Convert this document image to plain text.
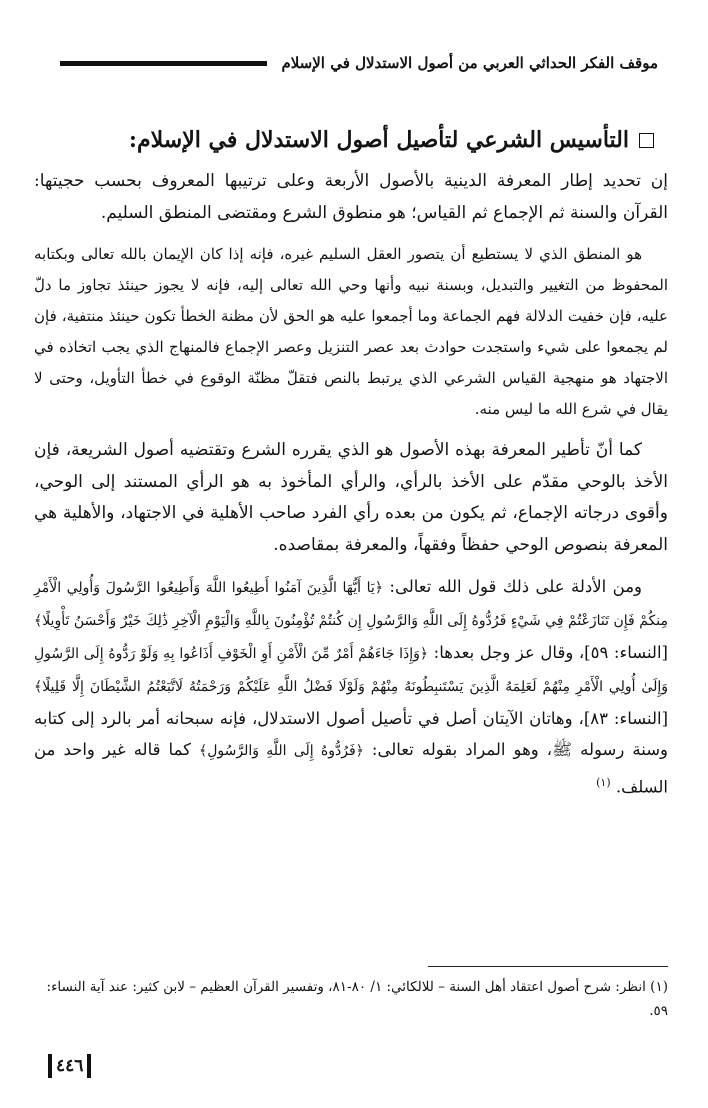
موقف الفكر الحداثي العربي من أصول الاستدلال في الإسلام
التأسيس الشرعي لتأصيل أصول الاستدلال في الإسلام:

إن تحديد إطار المعرفة الدينية بالأصول الأربعة وعلى ترتيبها المعروف بحسب حجيتها: القرآن والسنة ثم الإجماع ثم القياس؛ هو منطوق الشرع ومقتضى المنطق السليم.

هو المنطق الذي لا يستطيع أن يتصور العقل السليم غيره، فإنه إذا كان الإيمان بالله تعالى وبكتابه المحفوظ من التغيير والتبديل، وبسنة نبيه وأنها وحي الله تعالى إليه، فإنه لا يجوز حينئذ تجاوز ما دلّ عليه، فإن خفيت الدلالة فهم الجماعة وما أجمعوا عليه هو الحق لأن مظنة الخطأ تكون حينئذ منتفية، فإن لم يجمعوا على شيء واستجدت حوادث بعد عصر التنزيل وعصر الإجماع فالمنهاج الذي يجب اتخاذه في الاجتهاد هو منهجية القياس الشرعي الذي يرتبط بالنص فتقلّ مظنّة الوقوع في خطأ التأويل، وحتى لا يقال في شرع الله ما ليس منه.

كما أنّ تأطير المعرفة بهذه الأصول هو الذي يقرره الشرع وتقتضيه أصول الشريعة، فإن الأخذ بالوحي مقدّم على الأخذ بالرأي، والرأي المأخوذ به هو الرأي المستند إلى الوحي، وأقوى درجاته الإجماع، ثم يكون من بعده رأي الفرد صاحب الأهلية في الاجتهاد، والأهلية هي المعرفة بنصوص الوحي حفظاً وفقهاً، والمعرفة بمقاصده.

ومن الأدلة على ذلك قول الله تعالى: ﴿يَا أَيُّهَا الَّذِينَ آمَنُوا أَطِيعُوا اللَّهَ وَأَطِيعُوا الرَّسُولَ وَأُولِي الْأَمْرِ مِنكُمْ فَإِن تَنَازَعْتُمْ فِي شَيْءٍ فَرُدُّوهُ إِلَى اللَّهِ وَالرَّسُولِ إِن كُنتُمْ تُؤْمِنُونَ بِاللَّهِ وَالْيَوْمِ الْآخِرِ ذَٰلِكَ خَيْرٌ وَأَحْسَنُ تَأْوِيلًا﴾ [النساء: ٥٩]، وقال عز وجل بعدها: ﴿وَإِذَا جَاءَهُمْ أَمْرٌ مِّنَ الْأَمْنِ أَوِ الْخَوْفِ أَذَاعُوا بِهِ وَلَوْ رَدُّوهُ إِلَى الرَّسُولِ وَإِلَىٰ أُولِي الْأَمْرِ مِنْهُمْ لَعَلِمَهُ الَّذِينَ يَسْتَنبِطُونَهُ مِنْهُمْ وَلَوْلَا فَضْلُ اللَّهِ عَلَيْكُمْ وَرَحْمَتُهُ لَاتَّبَعْتُمُ الشَّيْطَانَ إِلَّا قَلِيلًا﴾ [النساء: ٨٣]، وهاتان الآيتان أصل في تأصيل أصول الاستدلال، فإنه سبحانه أمر بالرد إلى كتابه وسنة رسوله ﷺ، وهو المراد بقوله تعالى: ﴿فَرُدُّوهُ إِلَى اللَّهِ وَالرَّسُولِ﴾ كما قاله غير واحد من السلف. $^{(١)}$

(١) انظر: شرح أصول اعتقاد أهل السنة – للالكائي: ١/ ٨٠-٨١، وتفسير القرآن العظيم – لابن كثير: عند آية النساء: ٥٩.

٤٤٦
